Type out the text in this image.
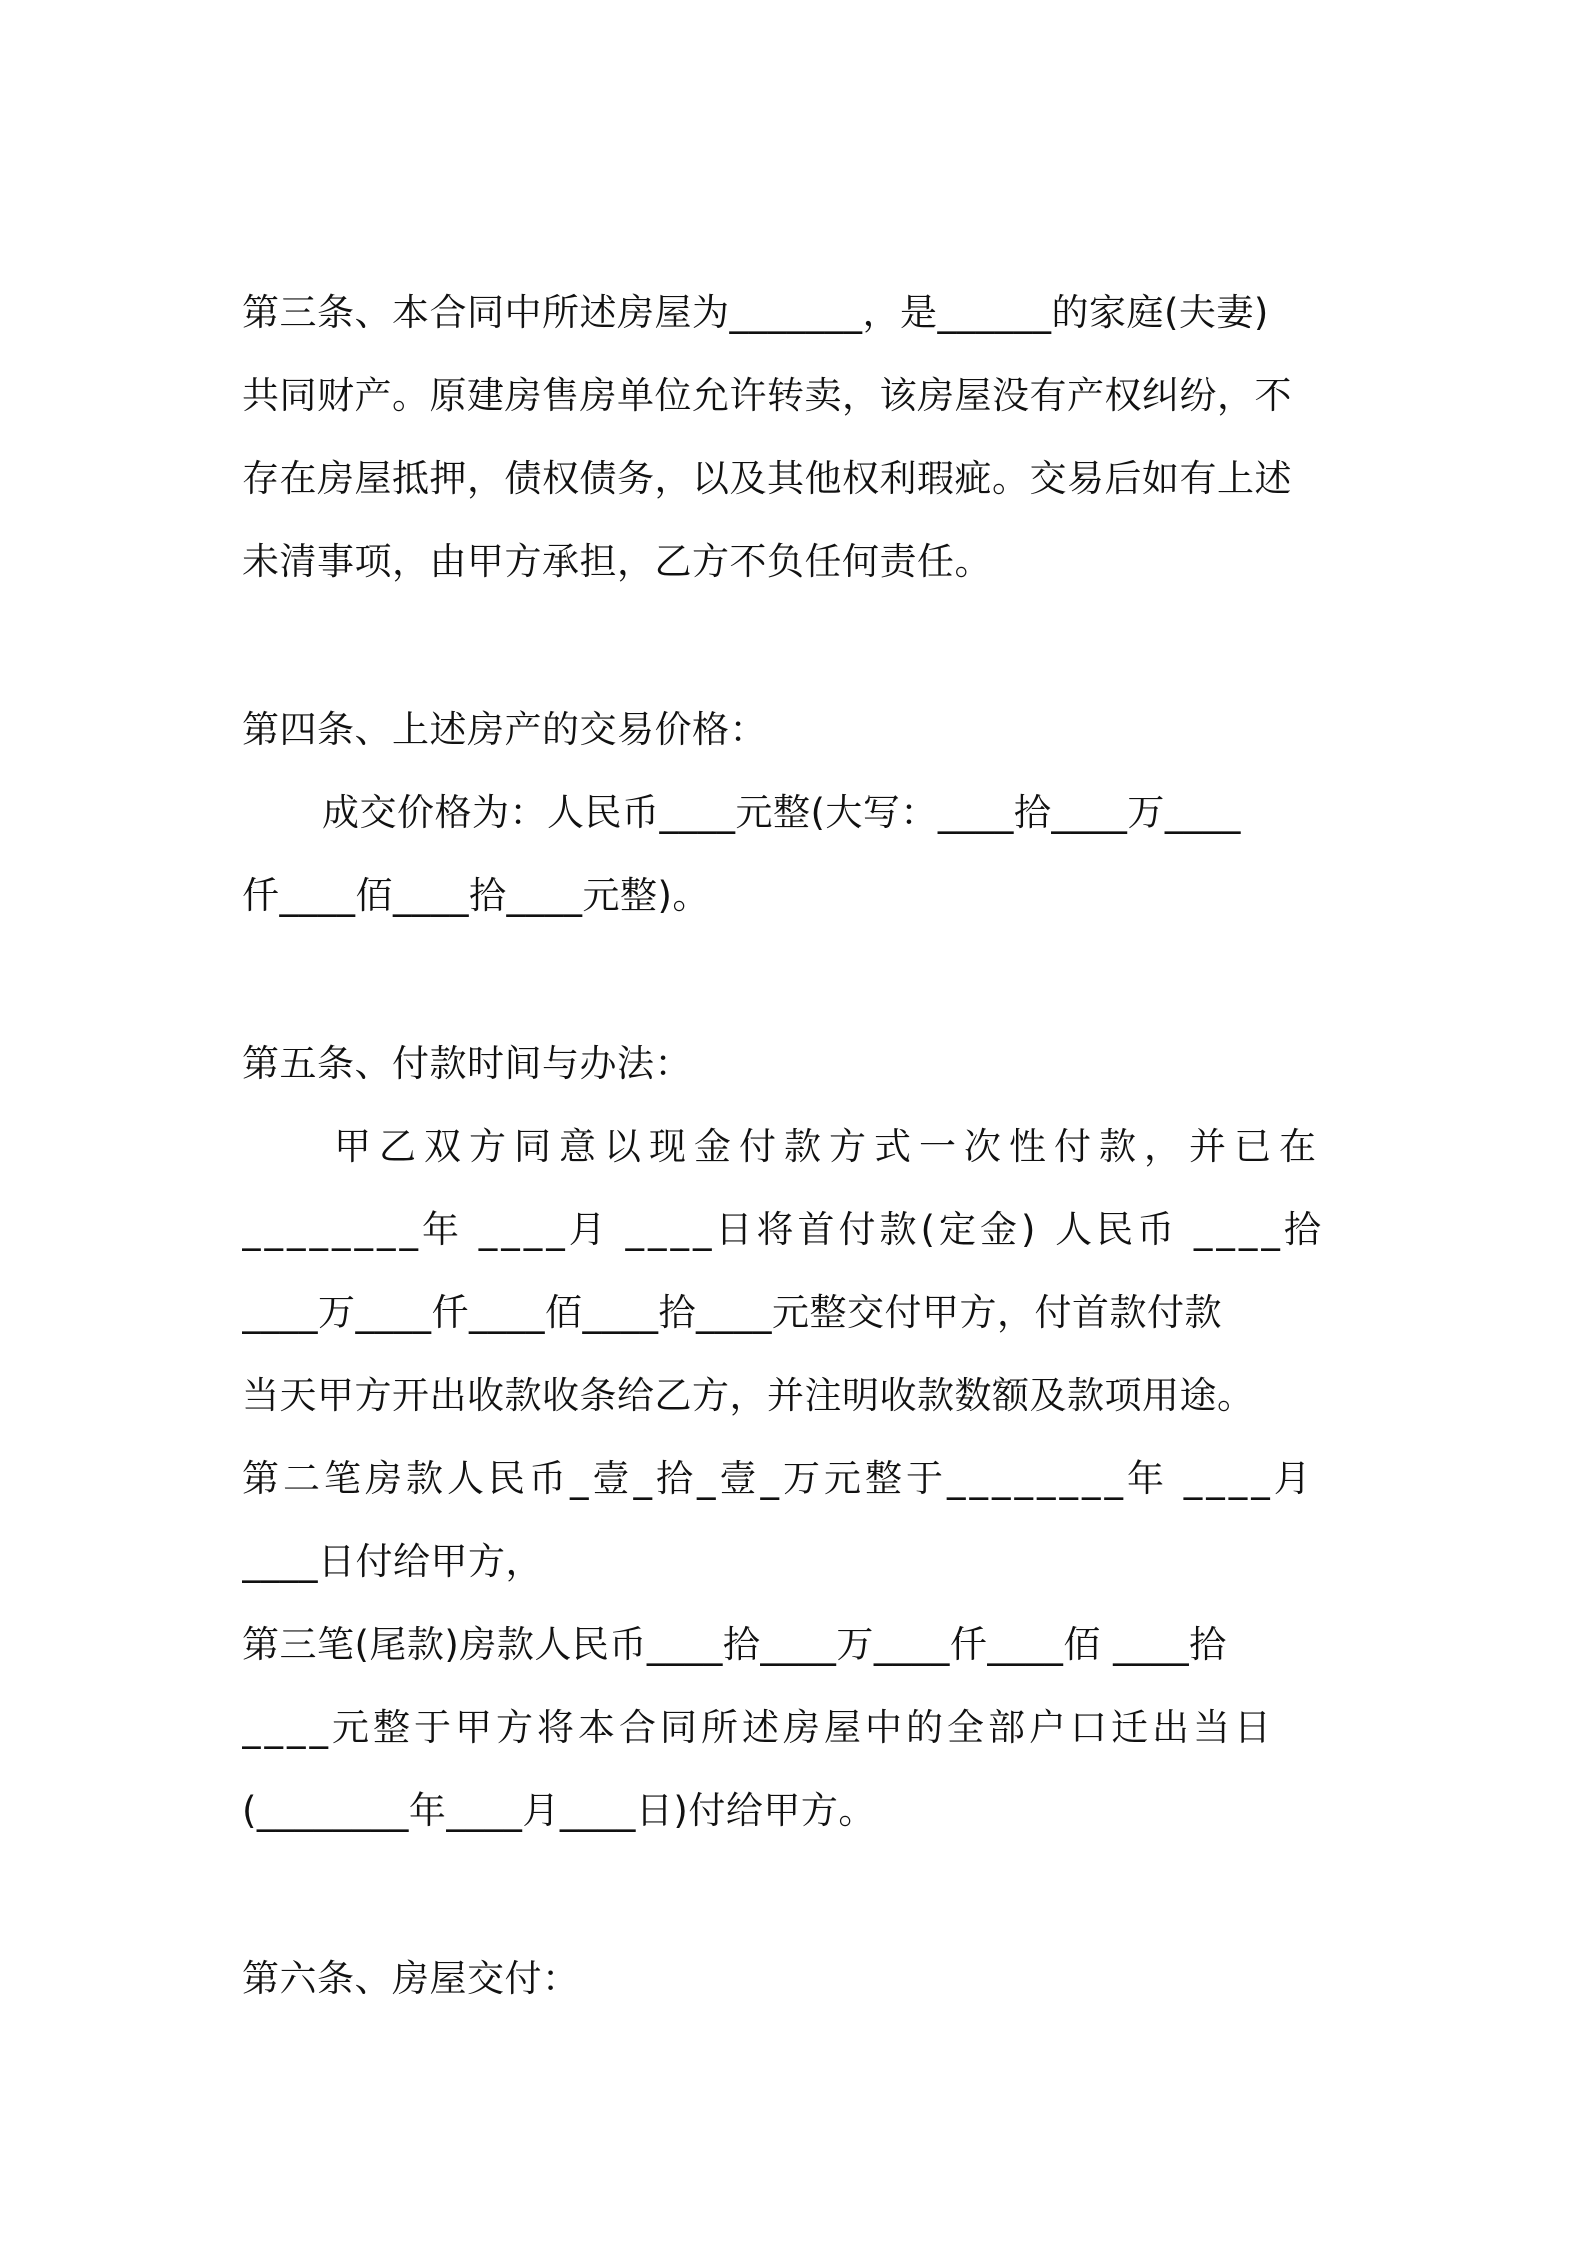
第三条、本合同中所述房屋为_______，是______的家庭(夫妻)
共同财产。原建房售房单位允许转卖，该房屋没有产权纠纷，不
存在房屋抵押，债权债务，以及其他权利瑕疵。交易后如有上述
未清事项，由甲方承担，乙方不负任何责任。
第四条、上述房产的交易价格：
成交价格为：人民币____元整(大写：____拾____万____
仟____佰____拾____元整)。
第五条、付款时间与办法：
甲乙双方同意以现金付款方式一次性付款，并已在
________年 ____月 ____日将首付款(定金) 人民币 ____拾
____万____仟____佰____拾____元整交付甲方，付首款付款
当天甲方开出收款收条给乙方，并注明收款数额及款项用途。
第二笔房款人民币_壹_拾_壹_万元整于________年 ____月
____日付给甲方，
第三笔(尾款)房款人民币____拾____万____仟____佰 ____拾
____元整于甲方将本合同所述房屋中的全部户口迁出当日
(________年____月____日)付给甲方。
第六条、房屋交付：
